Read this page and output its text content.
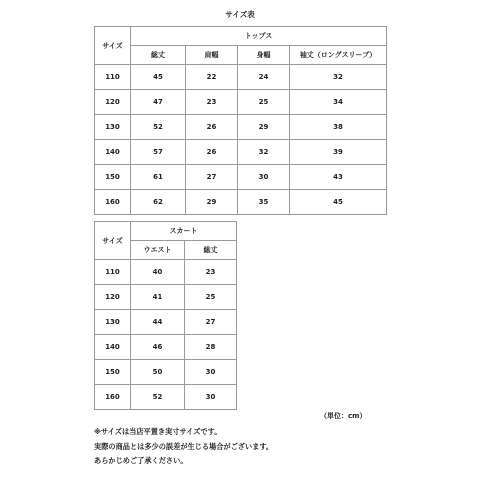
サイズ表
サイズ	トップス			
	総丈	肩幅	身幅	袖丈（ロングスリーブ）
110	45	22	24	32
120	47	23	25	34
130	52	26	29	38
140	57	26	32	39
150	61	27	30	43
160	62	29	35	45
サイズ	スカート	
	ウエスト	総丈
110	40	23
120	41	25
130	44	27
140	46	28
150	50	30
160	52	30
（単位：cm）
※サイズは当店平置き実寸サイズです。
実際の商品とは多少の誤差が生じる場合がございます。
あらかじめご了承ください。
